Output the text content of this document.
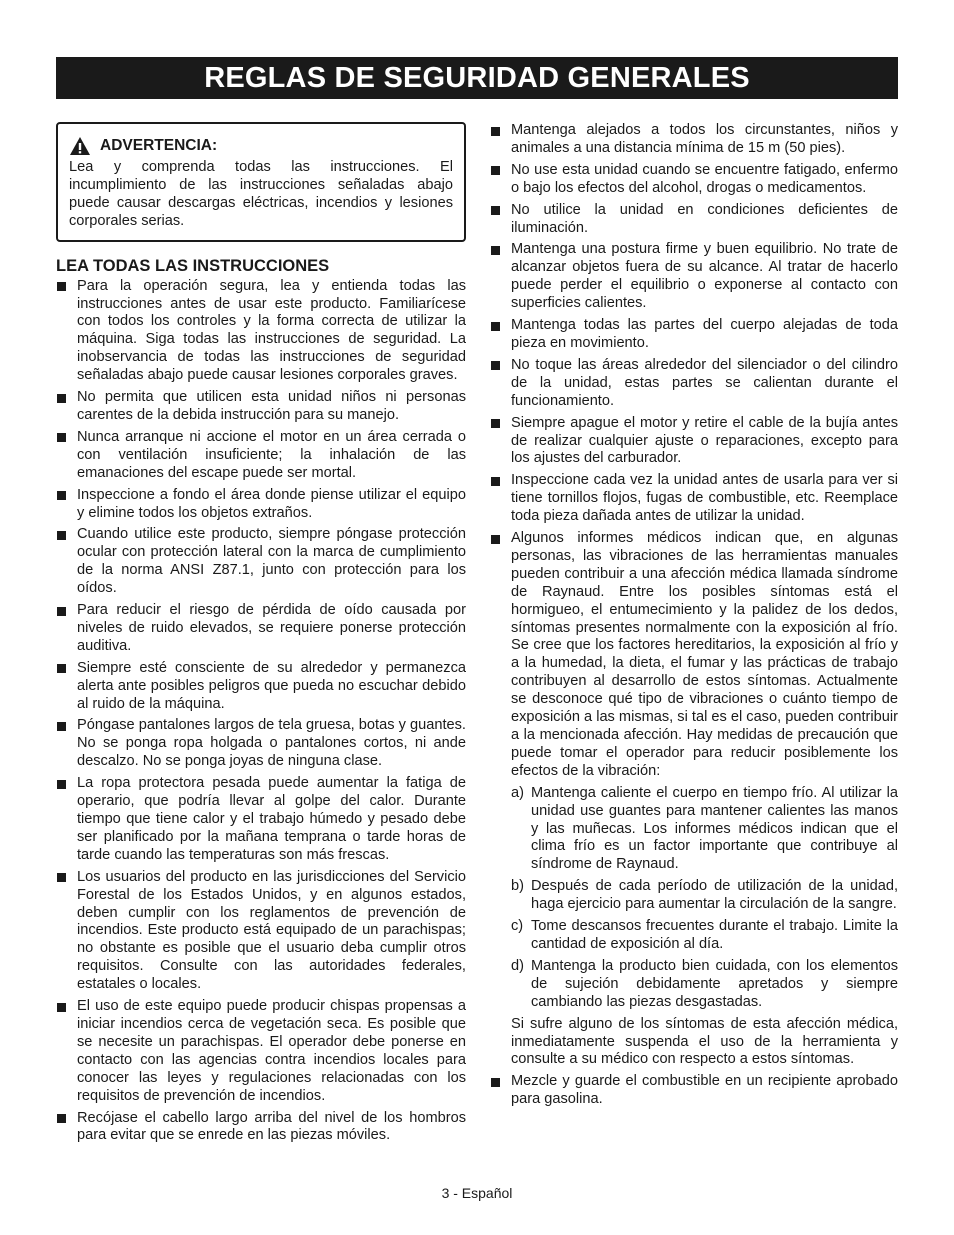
REGLAS DE SEGURIDAD GENERALES
ADVERTENCIA:

Lea y comprenda todas las instrucciones. El incumplimiento de las instrucciones señaladas abajo puede causar descargas eléctricas, incendios y lesiones corporales serias.

LEA TODAS LAS INSTRUCCIONES
Para la operación segura, lea y entienda todas las instrucciones antes de usar este producto. Familiarícese con todos los controles y la forma correcta de utilizar la máquina. Siga todas las instrucciones de seguridad. La inobservancia de todas las instrucciones de seguridad señaladas abajo puede causar lesiones corporales graves.
No permita que utilicen esta unidad niños ni personas carentes de la debida instrucción para su manejo.
Nunca arranque ni accione el motor en un área cerrada o con ventilación insuficiente; la inhalación de las emanaciones del escape puede ser mortal.
Inspeccione a fondo el área donde piense utilizar el equipo y elimine todos los objetos extraños.
Cuando utilice este producto, siempre póngase protección ocular con protección lateral con la marca de cumplimiento de la norma ANSI Z87.1, junto con protección para los oídos.
Para reducir el riesgo de pérdida de oído causada por niveles de ruido elevados, se requiere ponerse protección auditiva.
Siempre esté consciente de su alrededor y permanezca alerta ante posibles peligros que pueda no escuchar debido al ruido de la máquina.
Póngase pantalones largos de tela gruesa, botas y guantes. No se ponga ropa holgada o pantalones cortos, ni ande descalzo. No se ponga joyas de ninguna clase.
La ropa protectora pesada puede aumentar la fatiga de operario, que podría llevar al golpe del calor. Durante tiempo que tiene calor y el trabajo húmedo y pesado debe ser planificado por la mañana temprana o tarde horas de tarde cuando las temperaturas son más frescas.
Los usuarios del producto en las jurisdicciones del Servicio Forestal de los Estados Unidos, y en algunos estados, deben cumplir con los reglamentos de prevención de incendios. Este producto está equipado de un parachispas; no obstante es posible que el usuario deba cumplir otros requisitos. Consulte con las autoridades federales, estatales o locales.
El uso de este equipo puede producir chispas propensas a iniciar incendios cerca de vegetación seca. Es posible que se necesite un parachispas. El operador debe ponerse en contacto con las agencias contra incendios locales para conocer las leyes y regulaciones relacionadas con los requisitos de prevención de incendios.
Recójase el cabello largo arriba del nivel de los hombros para evitar que se enrede en las piezas móviles.
Mantenga alejados a todos los circunstantes, niños y animales a una distancia mínima de 15 m (50 pies).
No use esta unidad cuando se encuentre fatigado, enfermo o bajo los efectos del alcohol, drogas o medicamentos.
No utilice la unidad en condiciones deficientes de iluminación.
Mantenga una postura firme y buen equilibrio. No trate de alcanzar objetos fuera de su alcance. Al tratar de hacerlo puede perder el equilibrio o exponerse al contacto con superficies calientes.
Mantenga todas las partes del cuerpo alejadas de toda pieza en movimiento.
No toque las áreas alrededor del silenciador o del cilindro de la unidad, estas partes se calientan durante el funcionamiento.
Siempre apague el motor y retire el cable de la bujía antes de realizar cualquier ajuste o reparaciones, excepto para los ajustes del carburador.
Inspeccione cada vez la unidad antes de usarla para ver si tiene tornillos flojos, fugas de combustible, etc. Reemplace toda pieza dañada antes de utilizar la unidad.
Algunos informes médicos indican que, en algunas personas, las vibraciones de las herramientas manuales pueden contribuir a una afección médica llamada síndrome de Raynaud. Entre los posibles síntomas está el hormigueo, el entumecimiento y la palidez de los dedos, síntomas presentes normalmente con la exposición al frío. Se cree que los factores hereditarios, la exposición al frío y a la humedad, la dieta, el fumar y las prácticas de trabajo contribuyen al desarrollo de estos síntomas. Actualmente se desconoce qué tipo de vibraciones o cuánto tiempo de exposición a las mismas, si tal es el caso, pueden contribuir a la mencionada afección. Hay medidas de precaución que puede tomar el operador para reducir posiblemente los efectos de la vibración:
a) Mantenga caliente el cuerpo en tiempo frío. Al utilizar la unidad use guantes para mantener calientes las manos y las muñecas. Los informes médicos indican que el clima frío es un factor importante que contribuye al síndrome de Raynaud.
b) Después de cada período de utilización de la unidad, haga ejercicio para aumentar la circulación de la sangre.
c) Tome descansos frecuentes durante el trabajo. Limite la cantidad de exposición al día.
d) Mantenga la producto bien cuidada, con los elementos de sujeción debidamente apretados y siempre cambiando las piezas desgastadas.

Si sufre alguno de los síntomas de esta afección médica, inmediatamente suspenda el uso de la herramienta y consulte a su médico con respecto a estos síntomas.

Mezcle y guarde el combustible en un recipiente aprobado para gasolina.
3 - Español
